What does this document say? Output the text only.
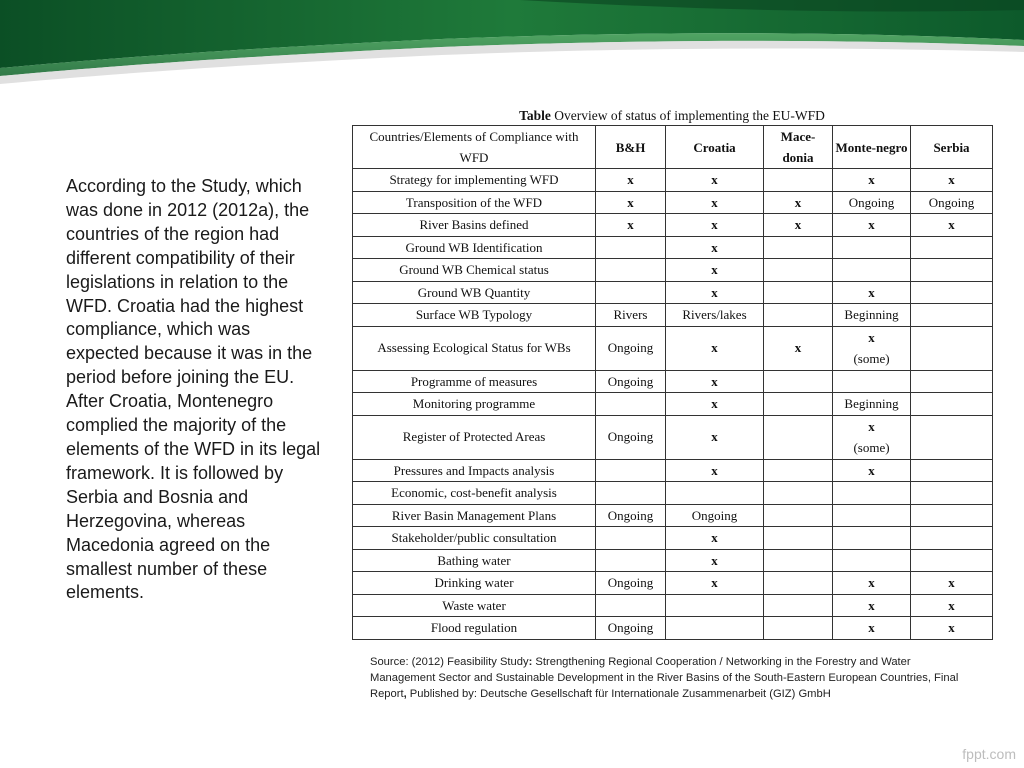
According to the Study, which was done in 2012 (2012a), the countries of the region had different compatibility of their legislations in relation to the WFD. Croatia had the highest compliance, which was expected because it was in the period before joining the EU. After Croatia, Montenegro complied the majority of the elements of the WFD in its legal framework. It is followed by Serbia and Bosnia and Herzegovina, whereas Macedonia agreed on the smallest number of these elements.
Table Overview of status of implementing the EU-WFD
Countries/Elements of Compliance with WFD	B&H	Croatia	Mace-donia	Monte-negro	Serbia
Strategy for implementing WFD	x	x		x	x
Transposition of the WFD	x	x	x	Ongoing	Ongoing
River Basins defined	x	x	x	x	x
Ground WB Identification		x			
Ground WB Chemical status		x			
Ground WB Quantity		x		x	
Surface WB Typology	Rivers	Rivers/lakes		Beginning	
Assessing Ecological Status for WBs	Ongoing	x	x	x
(some)	
Programme of measures	Ongoing	x			
Monitoring programme		x		Beginning	
Register of Protected Areas	Ongoing	x		x
(some)	
Pressures and Impacts analysis		x		x	
Economic, cost-benefit analysis					
River Basin Management Plans	Ongoing	Ongoing			
Stakeholder/public consultation		x			
Bathing water		x			
Drinking water	Ongoing	x		x	x
Waste water				x	x
Flood regulation	Ongoing			x	x
Source: (2012) Feasibility Study: Strengthening Regional Cooperation / Networking in the Forestry and Water Management Sector and Sustainable Development in the River Basins of the South-Eastern European Countries, Final Report, Published by: Deutsche Gesellschaft für Internationale Zusammenarbeit (GIZ) GmbH
fppt.com
